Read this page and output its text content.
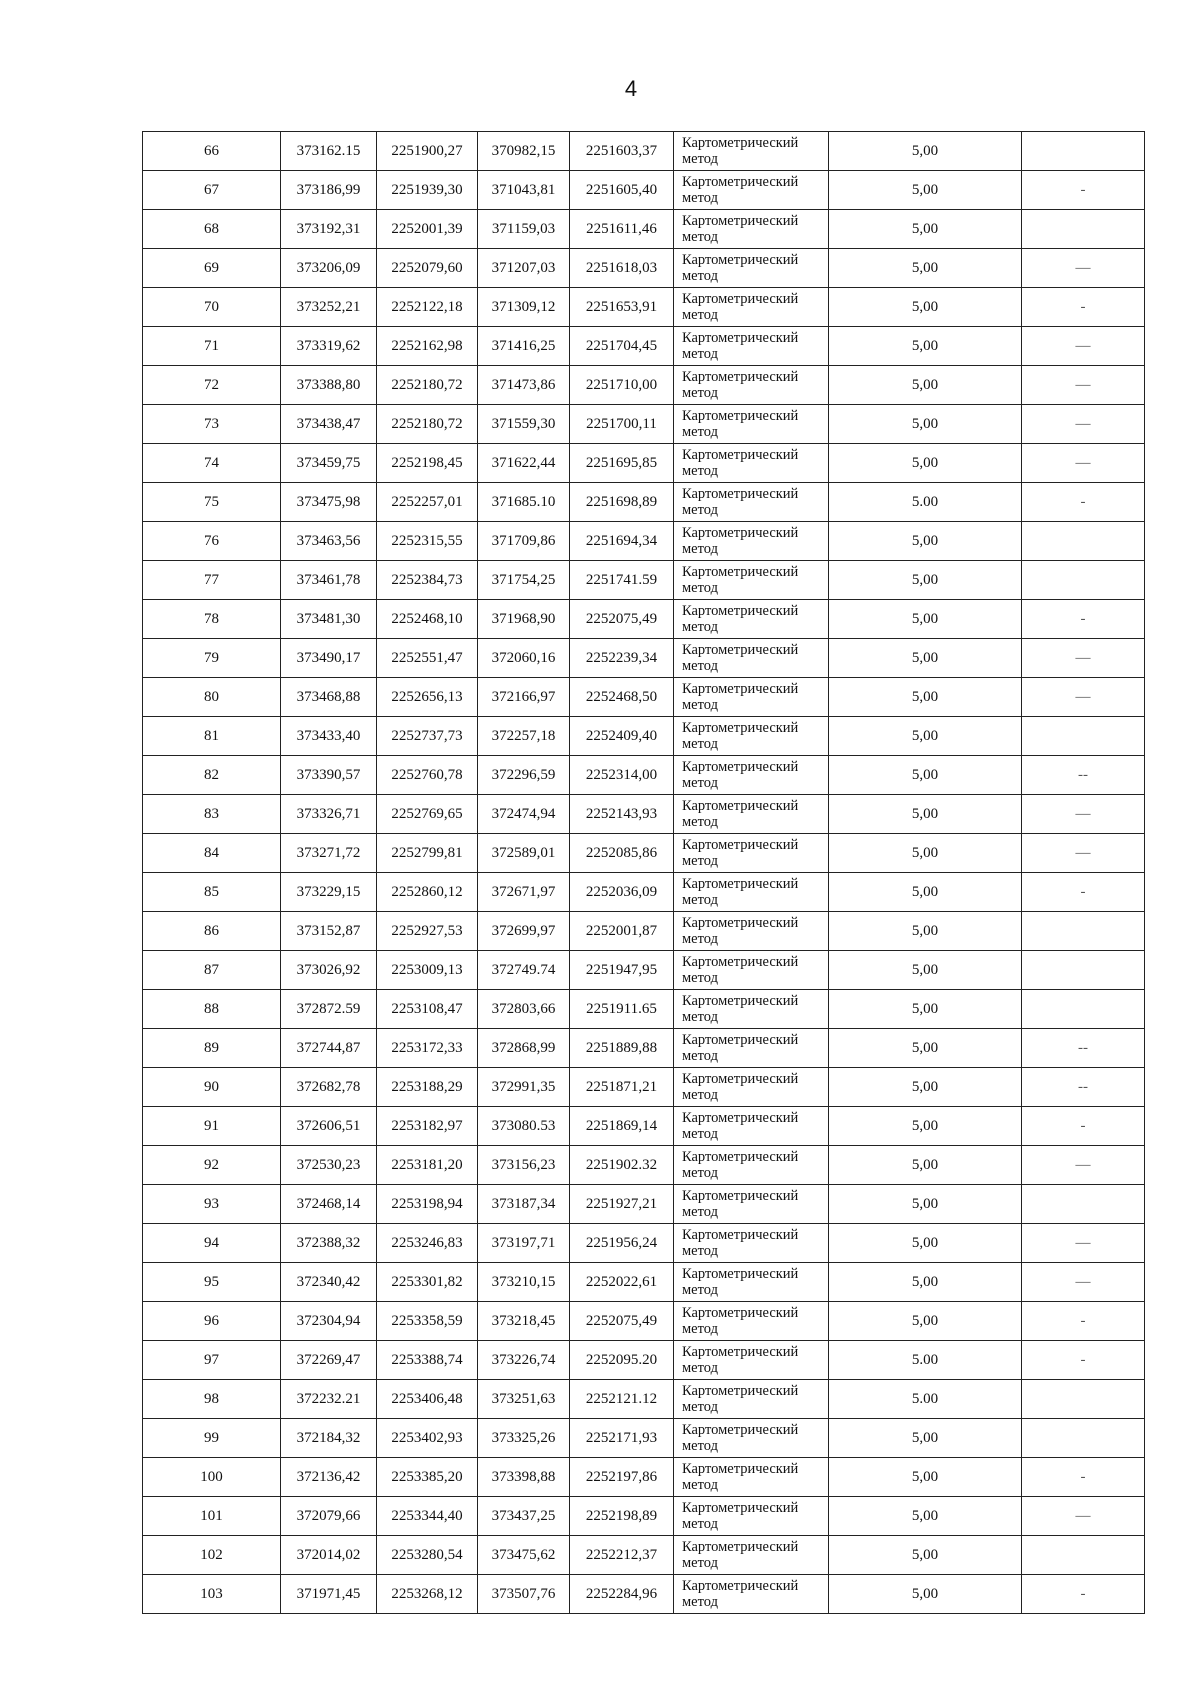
4
66	373162.15	2251900,27	370982,15	2251603,37	Картометрический
метод	5,00	
67	373186,99	2251939,30	371043,81	2251605,40	Картометрический
метод	5,00	-
68	373192,31	2252001,39	371159,03	2251611,46	Картометрический
метод	5,00	
69	373206,09	2252079,60	371207,03	2251618,03	Картометрический
метод	5,00	—
70	373252,21	2252122,18	371309,12	2251653,91	Картометрический
метод	5,00	-
71	373319,62	2252162,98	371416,25	2251704,45	Картометрический
метод	5,00	—
72	373388,80	2252180,72	371473,86	2251710,00	Картометрический
метод	5,00	—
73	373438,47	2252180,72	371559,30	2251700,11	Картометрический
метод	5,00	—
74	373459,75	2252198,45	371622,44	2251695,85	Картометрический
метод	5,00	—
75	373475,98	2252257,01	371685.10	2251698,89	Картометрический
метод	5.00	-
76	373463,56	2252315,55	371709,86	2251694,34	Картометрический
метод	5,00	
77	373461,78	2252384,73	371754,25	2251741.59	Картометрический
метод	5,00	
78	373481,30	2252468,10	371968,90	2252075,49	Картометрический
метод	5,00	-
79	373490,17	2252551,47	372060,16	2252239,34	Картометрический
метод	5,00	—
80	373468,88	2252656,13	372166,97	2252468,50	Картометрический
метод	5,00	—
81	373433,40	2252737,73	372257,18	2252409,40	Картометрический
метод	5,00	
82	373390,57	2252760,78	372296,59	2252314,00	Картометрический
метод	5,00	--
83	373326,71	2252769,65	372474,94	2252143,93	Картометрический
метод	5,00	—
84	373271,72	2252799,81	372589,01	2252085,86	Картометрический
метод	5,00	—
85	373229,15	2252860,12	372671,97	2252036,09	Картометрический
метод	5,00	-
86	373152,87	2252927,53	372699,97	2252001,87	Картометрический
метод	5,00	
87	373026,92	2253009,13	372749.74	2251947,95	Картометрический
метод	5,00	
88	372872.59	2253108,47	372803,66	2251911.65	Картометрический
метод	5,00	
89	372744,87	2253172,33	372868,99	2251889,88	Картометрический
метод	5,00	--
90	372682,78	2253188,29	372991,35	2251871,21	Картометрический
метод	5,00	--
91	372606,51	2253182,97	373080.53	2251869,14	Картометрический
метод	5,00	-
92	372530,23	2253181,20	373156,23	2251902.32	Картометрический
метод	5,00	—
93	372468,14	2253198,94	373187,34	2251927,21	Картометрический
метод	5,00	
94	372388,32	2253246,83	373197,71	2251956,24	Картометрический
метод	5,00	—
95	372340,42	2253301,82	373210,15	2252022,61	Картометрический
метод	5,00	—
96	372304,94	2253358,59	373218,45	2252075,49	Картометрический
метод	5,00	-
97	372269,47	2253388,74	373226,74	2252095.20	Картометрический
метод	5.00	-
98	372232.21	2253406,48	373251,63	2252121.12	Картометрический
метод	5.00	
99	372184,32	2253402,93	373325,26	2252171,93	Картометрический
метод	5,00	
100	372136,42	2253385,20	373398,88	2252197,86	Картометрический
метод	5,00	-
101	372079,66	2253344,40	373437,25	2252198,89	Картометрический
метод	5,00	—
102	372014,02	2253280,54	373475,62	2252212,37	Картометрический
метод	5,00	
103	371971,45	2253268,12	373507,76	2252284,96	Картометрический
метод	5,00	-
